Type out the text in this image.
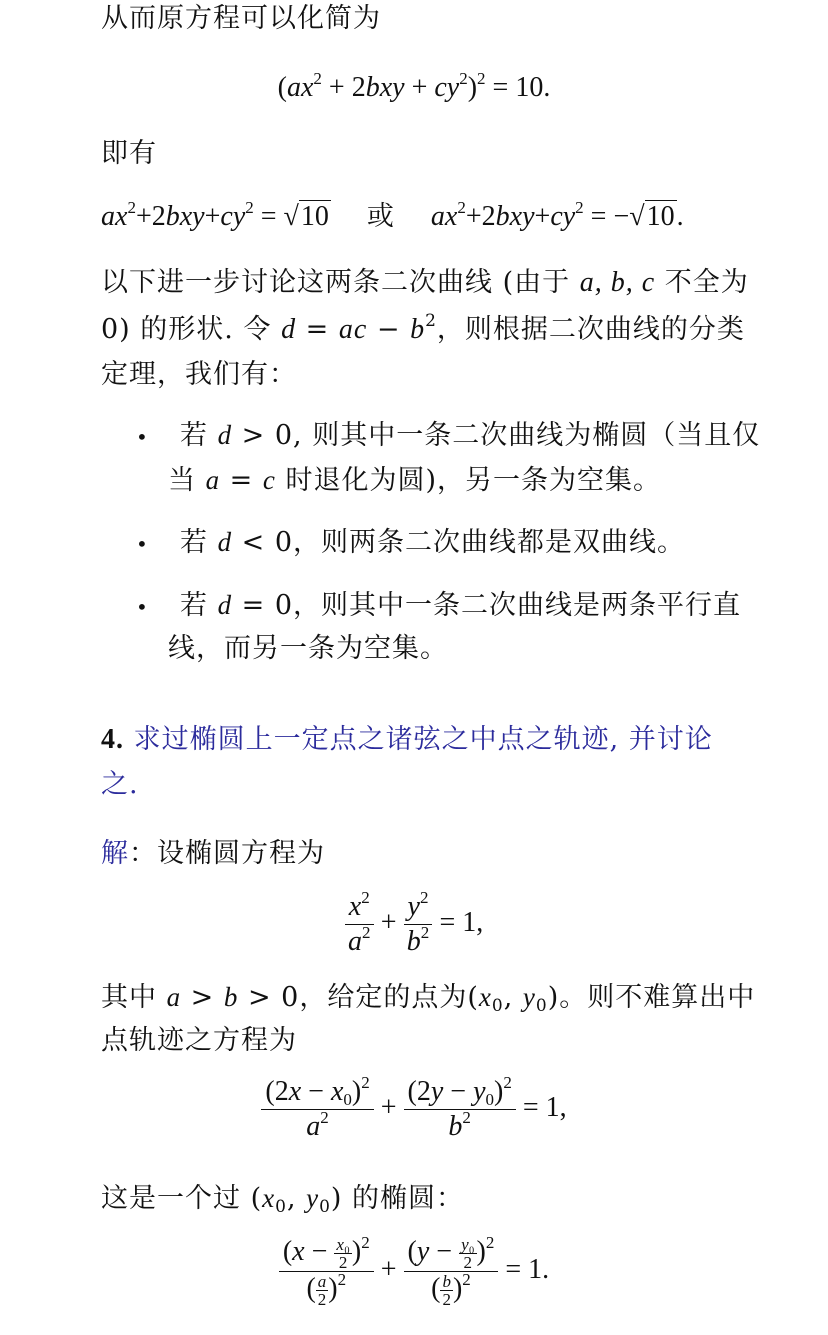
从而原方程可以化简为
$(ax^2 + 2bxy + cy^2)^2 = 10$.
即有
$ax^2+2bxy+cy^2 = √10$ 或 $ax^2+2bxy+cy^2 = -√10$.
以下进一步讨论这两条二次曲线 (由于 a, b, c 不全为
0) 的形状. 令 d = ac − $b^2$，则根据二次曲线的分类
定理，我们有：
• 若 d > 0, 则其中一条二次曲线为椭圆（当且仅
当 a = c 时退化为圆)，另一条为空集。
• 若 d < 0，则两条二次曲线都是双曲线。
• 若 d = 0，则其中一条二次曲线是两条平行直
线，而另一条为空集。
4. 求过椭圆上一定点之诸弦之中点之轨迹, 并讨论
之.
解：设椭圆方程为
$\frac{x^2}{a^2} + \frac{y^2}{b^2} = 1$,
其中 a > b > 0，给定的点为($x_0$, $y_0$)。则不难算出中
点轨迹之方程为
$\frac{(2x - x_0)^2}{a^2} + \frac{(2y - y_0)^2}{b^2} = 1$,
这是一个过 ($x_0$, $y_0$) 的椭圆：
$\frac{(x - \frac{\text{x₀}}{2} )^2}{( \frac{a}{2} )^2} + \frac{(y - \frac{\text{y₀}}{2} )^2}{( \frac{b}{2} )^2} = 1$.
